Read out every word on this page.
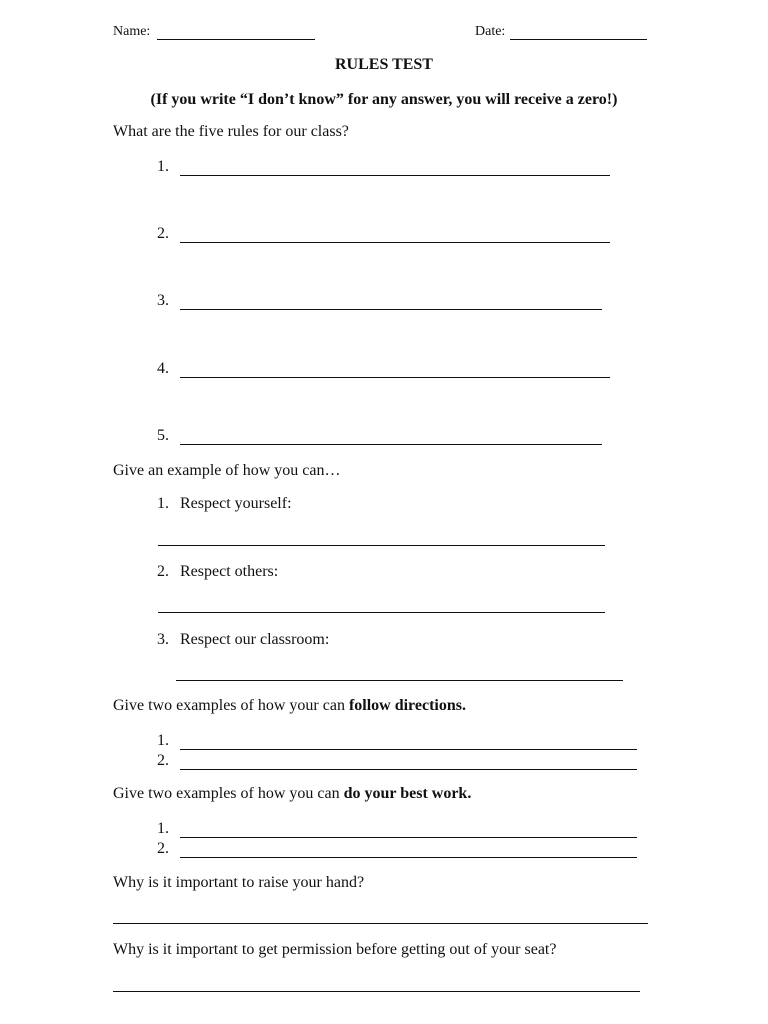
Name:	Date:
RULES TEST
(If you write “I don’t know” for any answer, you will receive a zero!)
What are the five rules for our class?
1.
2.
3.
4.
5.
Give an example of how you can…
1. Respect yourself:
2. Respect others:
3. Respect our classroom:
Give two examples of how your can follow directions.
1.
2.
Give two examples of how you can do your best work.
1.
2.
Why is it important to raise your hand?
Why is it important to get permission before getting out of your seat?
